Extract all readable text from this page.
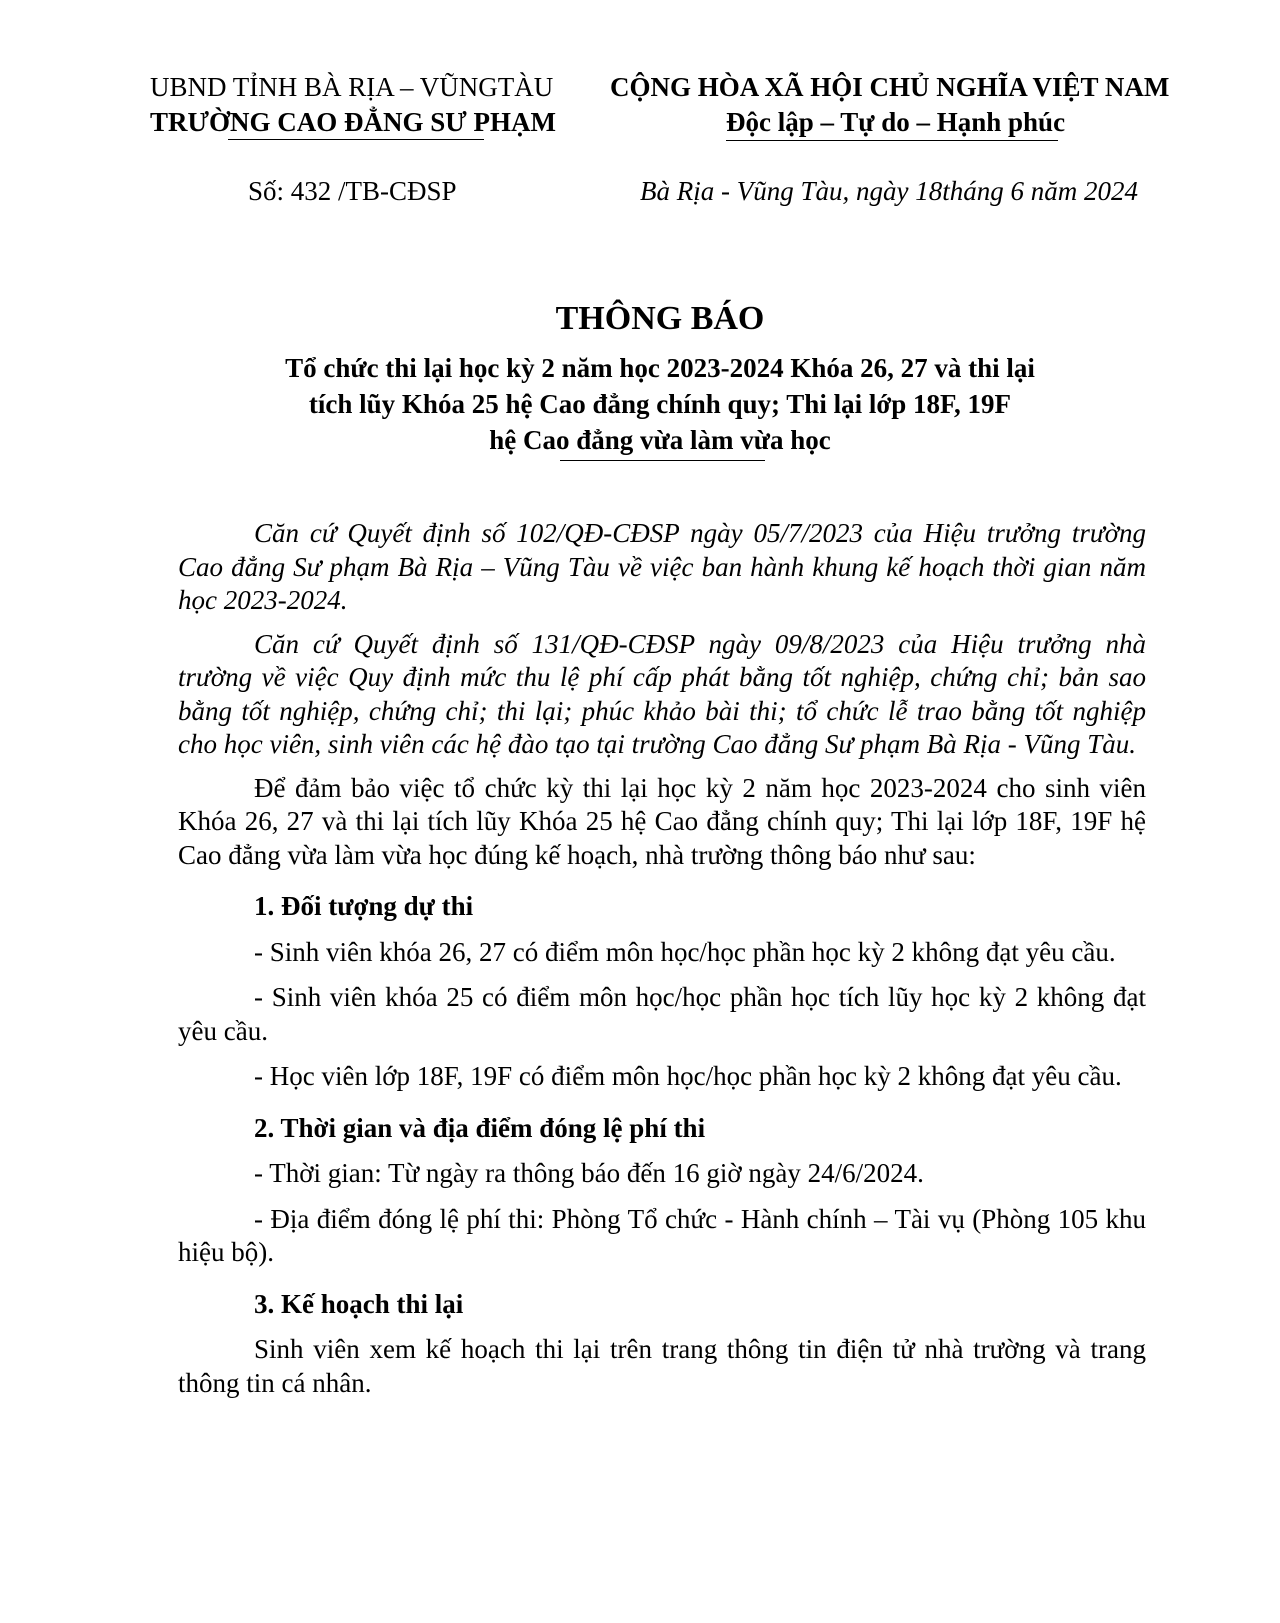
UBND TỈNH BÀ RỊA – VŨNGTÀU
TRƯỜNG CAO ĐẲNG SƯ PHẠM
CỘNG HÒA XÃ HỘI CHỦ NGHĨA VIỆT NAM
Độc lập – Tự do – Hạnh phúc
Số: 432 /TB-CĐSP	Bà Rịa - Vũng Tàu, ngày 18tháng 6 năm 2024
THÔNG BÁO
Tổ chức thi lại học kỳ 2 năm học 2023-2024 Khóa 26, 27 và thi lại
tích lũy Khóa 25 hệ Cao đẳng chính quy; Thi lại lớp 18F, 19F
hệ Cao đẳng vừa làm vừa học

Căn cứ Quyết định số 102/QĐ-CĐSP ngày 05/7/2023 của Hiệu trưởng trường Cao đẳng Sư phạm Bà Rịa – Vũng Tàu về việc ban hành khung kế hoạch thời gian năm học 2023-2024.

Căn cứ Quyết định số 131/QĐ-CĐSP ngày 09/8/2023 của Hiệu trưởng nhà trường về việc Quy định mức thu lệ phí cấp phát bằng tốt nghiệp, chứng chỉ; bản sao bằng tốt nghiệp, chứng chỉ; thi lại; phúc khảo bài thi; tổ chức lễ trao bằng tốt nghiệp cho học viên, sinh viên các hệ đào tạo tại trường Cao đẳng Sư phạm Bà Rịa - Vũng Tàu.

Để đảm bảo việc tổ chức kỳ thi lại học kỳ 2 năm học 2023-2024 cho sinh viên Khóa 26, 27 và thi lại tích lũy Khóa 25 hệ Cao đẳng chính quy; Thi lại lớp 18F, 19F hệ Cao đẳng vừa làm vừa học đúng kế hoạch, nhà trường thông báo như sau:

1. Đối tượng dự thi

- Sinh viên khóa 26, 27 có điểm môn học/học phần học kỳ 2 không đạt yêu cầu.

- Sinh viên khóa 25 có điểm môn học/học phần học tích lũy học kỳ 2 không đạt yêu cầu.

- Học viên lớp 18F, 19F có điểm môn học/học phần học kỳ 2 không đạt yêu cầu.

2. Thời gian và địa điểm đóng lệ phí thi

- Thời gian: Từ ngày ra thông báo đến 16 giờ ngày 24/6/2024.

- Địa điểm đóng lệ phí thi: Phòng Tổ chức - Hành chính – Tài vụ (Phòng 105 khu hiệu bộ).

3. Kế hoạch thi lại

Sinh viên xem kế hoạch thi lại trên trang thông tin điện tử nhà trường và trang thông tin cá nhân.
